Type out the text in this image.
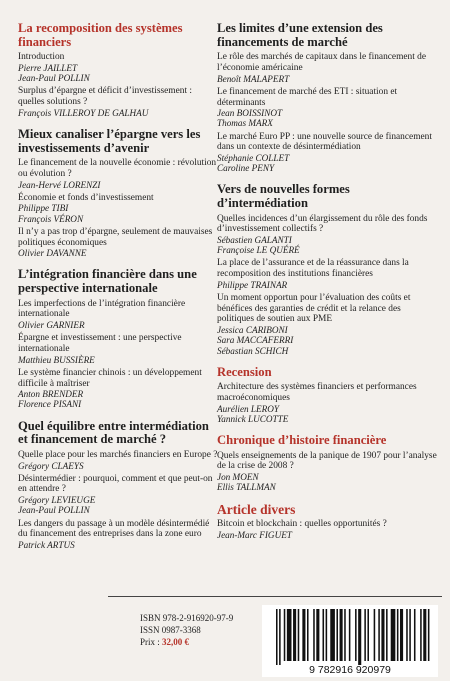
La recomposition des systèmes financiers
Introduction
Pierre JAILLET
Jean-Paul POLLIN
Surplus d’épargne et déficit d’investissement : quelles solutions ?
François VILLEROY DE GALHAU
Mieux canaliser l’épargne vers les investissements d’avenir
Le financement de la nouvelle économie : révolution ou évolution ?
Jean-Hervé LORENZI
Économie et fonds d’investissement
Philippe TIBI
François VÉRON
Il n’y a pas trop d’épargne, seulement de mauvaises politiques économiques
Olivier DAVANNE
L’intégration financière dans une perspective internationale
Les imperfections de l’intégration financière internationale
Olivier GARNIER
Épargne et investissement : une perspective internationale
Matthieu BUSSIÈRE
Le système financier chinois : un développement difficile à maîtriser
Anton BRENDER
Florence PISANI
Quel équilibre entre intermédiation et financement de marché ?
Quelle place pour les marchés financiers en Europe ?
Grégory CLAEYS
Désintermédier : pourquoi, comment et que peut-on en attendre ?
Grégory LEVIEUGE
Jean-Paul POLLIN
Les dangers du passage à un modèle désintermédié du financement des entreprises dans la zone euro
Patrick ARTUS
Les limites d’une extension des financements de marché
Le rôle des marchés de capitaux dans le financement de l’économie américaine
Benoît MALAPERT
Le financement de marché des ETI : situation et déterminants
Jean BOISSINOT
Thomas MARX
Le marché Euro PP : une nouvelle source de financement dans un contexte de désintermédiation
Stéphanie COLLET
Caroline PENY
Vers de nouvelles formes d’intermédiation
Quelles incidences d’un élargissement du rôle des fonds d’investissement collectifs ?
Sébastien GALANTI
Françoise LE QUÉRÉ
La place de l’assurance et de la réassurance dans la recomposition des institutions financières
Philippe TRAINAR
Un moment opportun pour l’évaluation des coûts et bénéfices des garanties de crédit et la relance des politiques de soutien aux PME
Jessica CARIBONI
Sara MACCAFERRI
Sébastian SCHICH
Recension
Architecture des systèmes financiers et performances macroéconomiques
Aurélien LEROY
Yannick LUCOTTE
Chronique d’histoire financière
Quels enseignements de la panique de 1907 pour l’analyse de la crise de 2008 ?
Jon MOEN
Ellis TALLMAN
Article divers
Bitcoin et blockchain : quelles opportunités ?
Jean-Marc FIGUET
ISBN 978-2-916920-97-9
ISSN 0987-3368
Prix : 32,00 €
9 782916 920979
